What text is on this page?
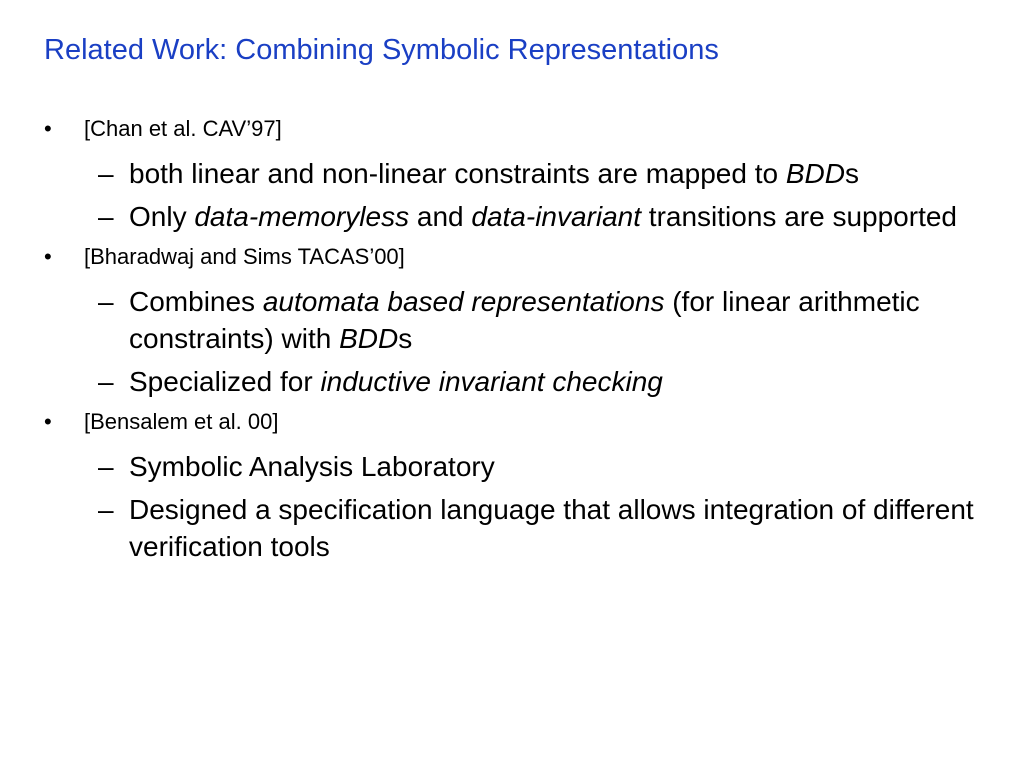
Related Work: Combining Symbolic Representations
• [Chan et al. CAV’97]
– both linear and non-linear constraints are mapped to BDDs
– Only data-memoryless and data-invariant transitions are supported
• [Bharadwaj and Sims TACAS’00]
– Combines automata based representations (for linear arithmetic constraints) with BDDs
– Specialized for inductive invariant checking
• [Bensalem et al. 00]
– Symbolic Analysis Laboratory
– Designed a specification language that allows integration of different verification tools
